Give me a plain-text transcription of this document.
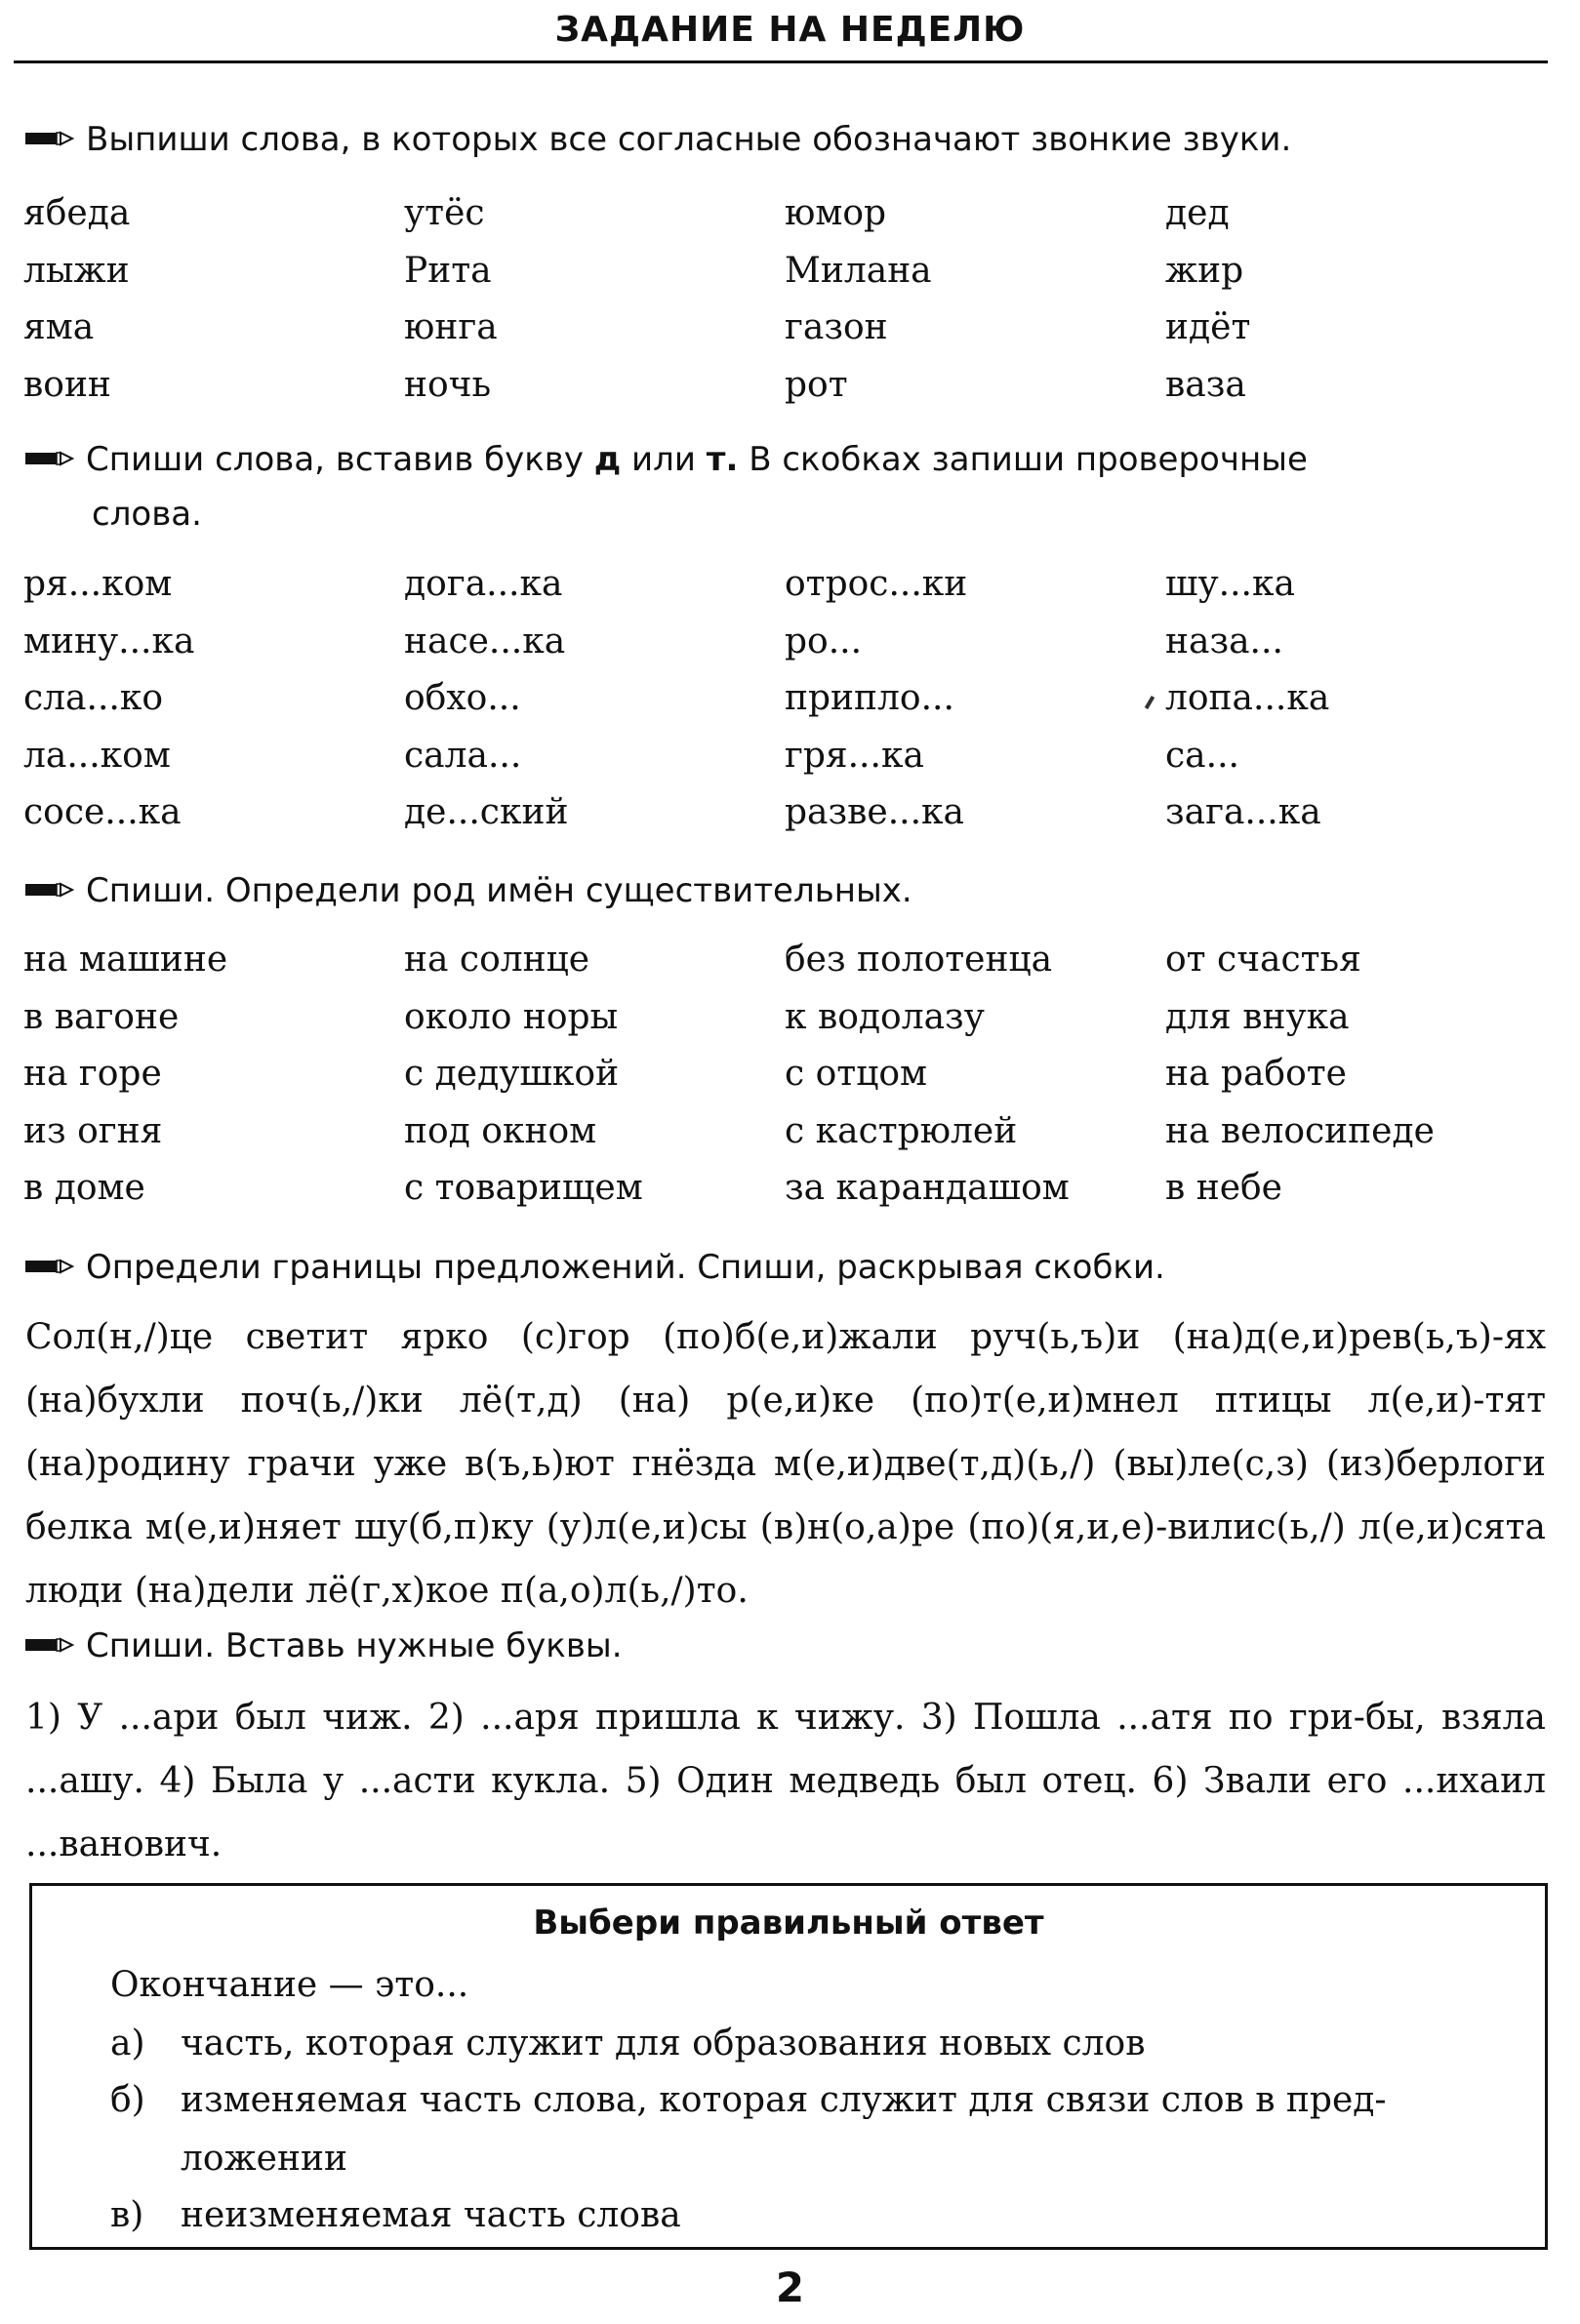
ЗАДАНИЕ НА НЕДЕЛЮ
Выпиши слова, в которых все согласные обозначают звонкие звуки.
ябеда	утёс	юмор	дед
лыжи	Рита	Милана	жир
яма	юнга	газон	идёт
воин	ночь	рот	ваза
Спиши слова, вставив букву д или т. В скобках запиши проверочные
слова.
ря...ком	дога...ка	отрос...ки	шу...ка
мину...ка	насе...ка	ро...	наза...
сла...ко	обхо...	припло...	лопа...ка
ла...ком	сала...	гря...ка	са...
сосе...ка	де...ский	разве...ка	зага...ка
Спиши. Определи род имён существительных.
на машине	на солнце	без полотенца	от счастья
в вагоне	около норы	к водолазу	для внука
на горе	с дедушкой	с отцом	на работе
из огня	под окном	с кастрюлей	на велосипеде
в доме	с товарищем	за карандашом	в небе
Определи границы предложений. Спиши, раскрывая скобки.
Сол(н,/)це светит ярко (с)гор (по)б(е,и)жали руч(ь,ъ)и (на)д(е,и)рев(ь,ъ)-ях (на)бухли поч(ь,/)ки лё(т,д) (на) р(е,и)ке (по)т(е,и)мнел птицы л(е,и)-тят (на)родину грачи уже в(ъ,ь)ют гнёзда м(е,и)две(т,д)(ь,/) (вы)ле(с,з) (из)берлоги белка м(е,и)няет шу(б,п)ку (у)л(е,и)сы (в)н(о,а)ре (по)(я,и,е)-вилис(ь,/) л(е,и)сята люди (на)дели лё(г,х)кое п(а,о)л(ь,/)то.
Спиши. Вставь нужные буквы.
1) У ...ари был чиж. 2) ...аря пришла к чижу. 3) Пошла ...атя по гри-бы, взяла ...ашу. 4) Была у ...асти кукла. 5) Один медведь был отец. 6) Звали его ...ихаил ...ванович.
Выбери правильный ответ
Окончание — это...
а)	часть, которая служит для образования новых слов
б)	изменяемая часть слова, которая служит для связи слов в пред-ложении
в)	неизменяемая часть слова
2
